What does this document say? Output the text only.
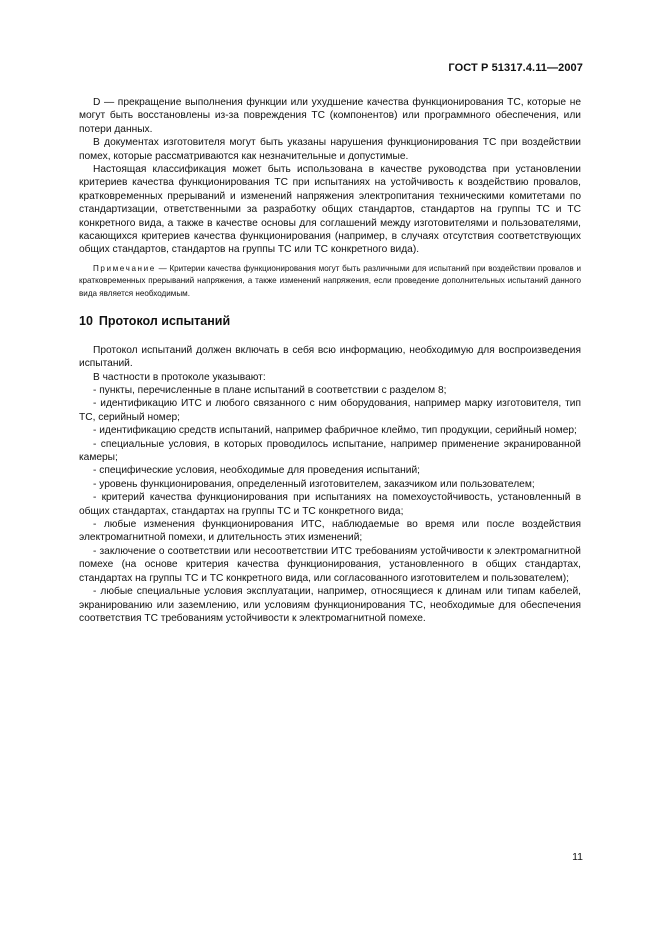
ГОСТ Р 51317.4.11—2007

D — прекращение выполнения функции или ухудшение качества функционирования ТС, которые не могут быть восстановлены из-за повреждения ТС (компонентов) или программного обеспечения, или потери данных.

В документах изготовителя могут быть указаны нарушения функционирования ТС при воздействии помех, которые рассматриваются как незначительные и допустимые.

Настоящая классификация может быть использована в качестве руководства при установлении критериев качества функционирования ТС при испытаниях на устойчивость к воздействию провалов, кратковременных прерываний и изменений напряжения электропитания техническими комитетами по стандартизации, ответственными за разработку общих стандартов, стандартов на группы ТС и ТС конкретного вида, а также в качестве основы для соглашений между изготовителями и пользователями, касающихся критериев качества функционирования (например, в случаях отсутствия соответствующих общих стандартов, стандартов на группы ТС или ТС конкретного вида).

Примечание — Критерии качества функционирования могут быть различными для испытаний при воздействии провалов и кратковременных прерываний напряжения, а также изменений напряжения, если проведение дополнительных испытаний данного вида является необходимым.

10 Протокол испытаний

Протокол испытаний должен включать в себя всю информацию, необходимую для воспроизведения испытаний.

В частности в протоколе указывают:

- пункты, перечисленные в плане испытаний в соответствии с разделом 8;

- идентификацию ИТС и любого связанного с ним оборудования, например марку изготовителя, тип ТС, серийный номер;

- идентификацию средств испытаний, например фабричное клеймо, тип продукции, серийный номер;

- специальные условия, в которых проводилось испытание, например применение экранированной камеры;

- специфические условия, необходимые для проведения испытаний;

- уровень функционирования, определенный изготовителем, заказчиком или пользователем;

- критерий качества функционирования при испытаниях на помехоустойчивость, установленный в общих стандартах, стандартах на группы ТС и ТС конкретного вида;

- любые изменения функционирования ИТС, наблюдаемые во время или после воздействия электромагнитной помехи, и длительность этих изменений;

- заключение о соответствии или несоответствии ИТС требованиям устойчивости к электромагнитной помехе (на основе критерия качества функционирования, установленного в общих стандартах, стандартах на группы ТС и ТС конкретного вида, или согласованного изготовителем и пользователем);

- любые специальные условия эксплуатации, например, относящиеся к длинам или типам кабелей, экранированию или заземлению, или условиям функционирования ТС, необходимые для обеспечения соответствия ТС требованиям устойчивости к электромагнитной помехе.

11
